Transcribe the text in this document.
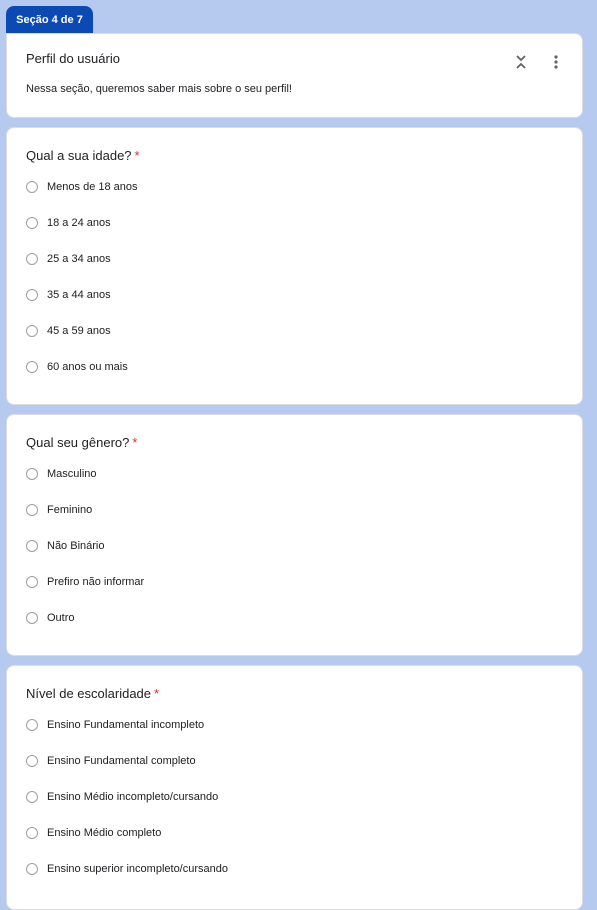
Seção 4 de 7
Perfil do usuário
Nessa seção, queremos saber mais sobre o seu perfil!
Qual a sua idade? *
Menos de 18 anos
18 a 24 anos
25 a 34 anos
35 a 44 anos
45 a 59 anos
60 anos ou mais
Qual seu gênero? *
Masculino
Feminino
Não Binário
Prefiro não informar
Outro
Nível de escolaridade *
Ensino Fundamental incompleto
Ensino Fundamental completo
Ensino Médio incompleto/cursando
Ensino Médio completo
Ensino superior incompleto/cursando
